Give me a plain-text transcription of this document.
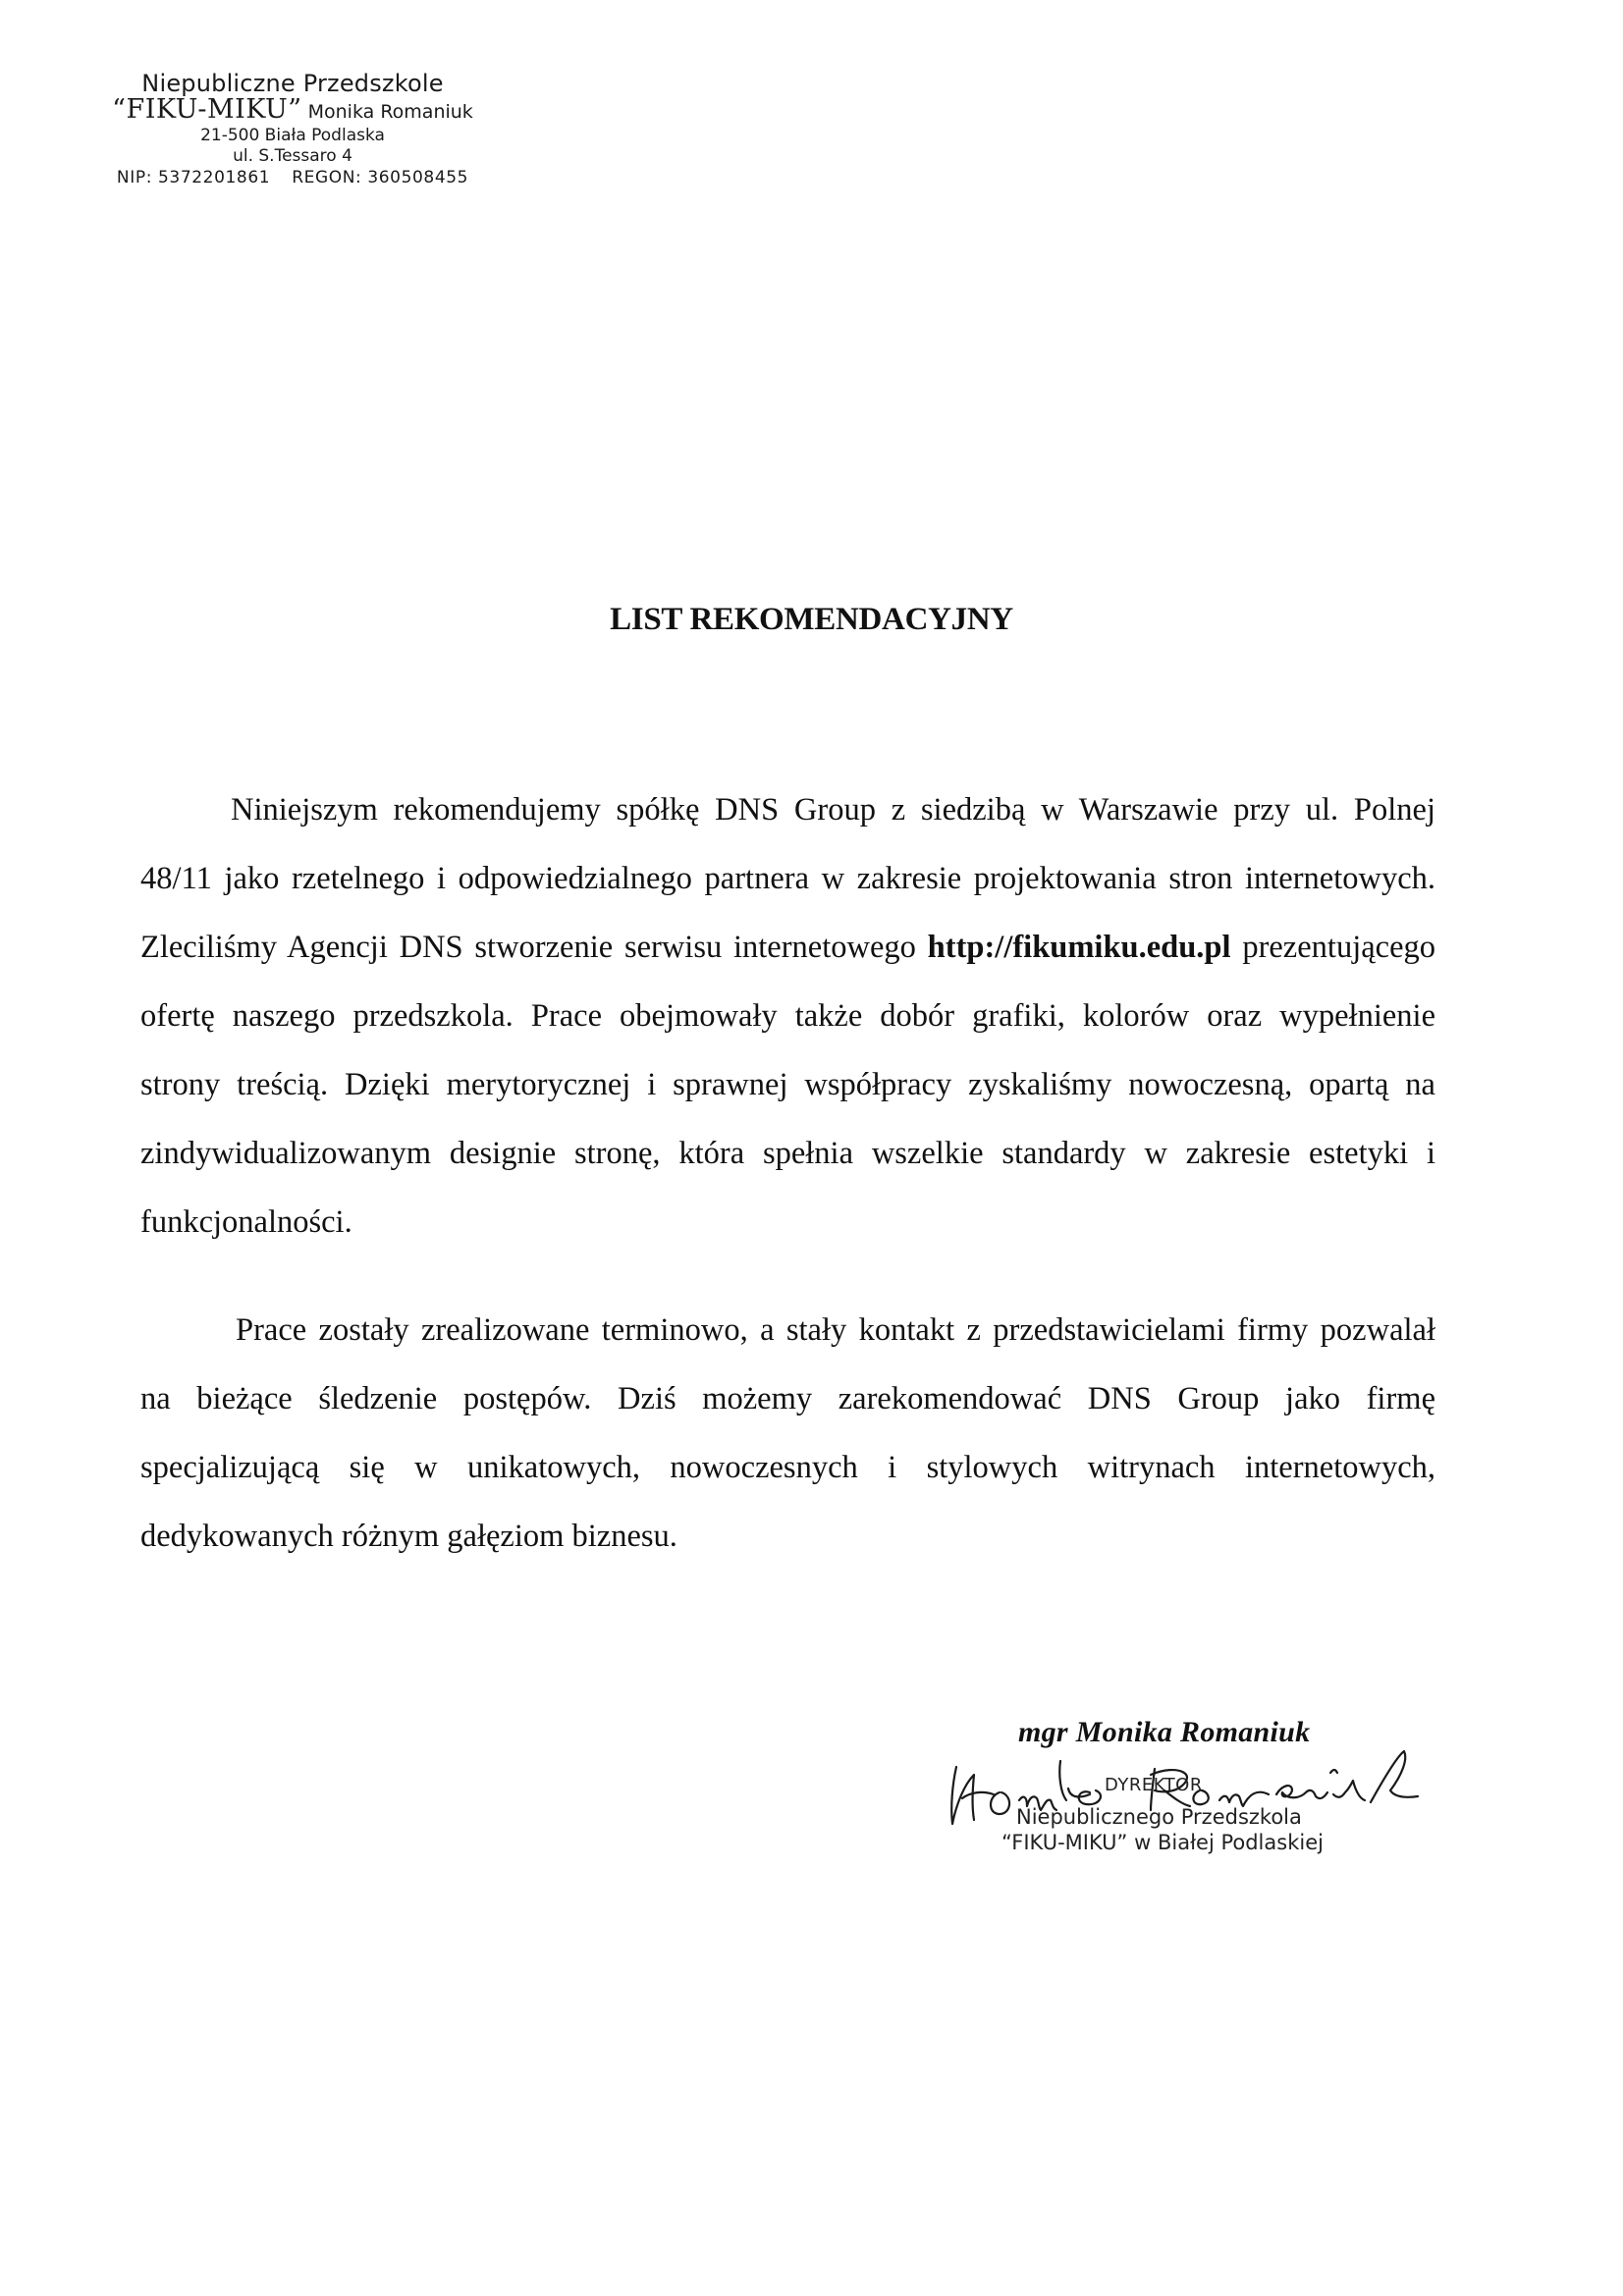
Niepubliczne Przedszkole
“FIKU-MIKU” Monika Romaniuk
21-500 Biała Podlaska
ul. S.Tessaro 4
NIP: 5372201861 REGON: 360508455
LIST REKOMENDACYJNY
Niniejszym rekomendujemy spółkę DNS Group z siedzibą w Warszawie przy ul. Polnej
48/11 jako rzetelnego i odpowiedzialnego partnera w zakresie projektowania stron internetowych.
Zleciliśmy Agencji DNS stworzenie serwisu internetowego http://fikumiku.edu.pl prezentującego
ofertę naszego przedszkola. Prace obejmowały także dobór grafiki, kolorów oraz wypełnienie
strony treścią. Dzięki merytorycznej i sprawnej współpracy zyskaliśmy nowoczesną, opartą na
zindywidualizowanym designie stronę, która spełnia wszelkie standardy w zakresie estetyki i
funkcjonalności.
Prace zostały zrealizowane terminowo, a stały kontakt z przedstawicielami firmy pozwalał
na bieżące śledzenie postępów. Dziś możemy zarekomendować DNS Group jako firmę
specjalizującą się w unikatowych, nowoczesnych i stylowych witrynach internetowych,
dedykowanych różnym gałęziom biznesu.
mgr Monika Romaniuk
DYREKTOR
Niepublicznego Przedszkola
“FIKU-MIKU” w Białej Podlaskiej
